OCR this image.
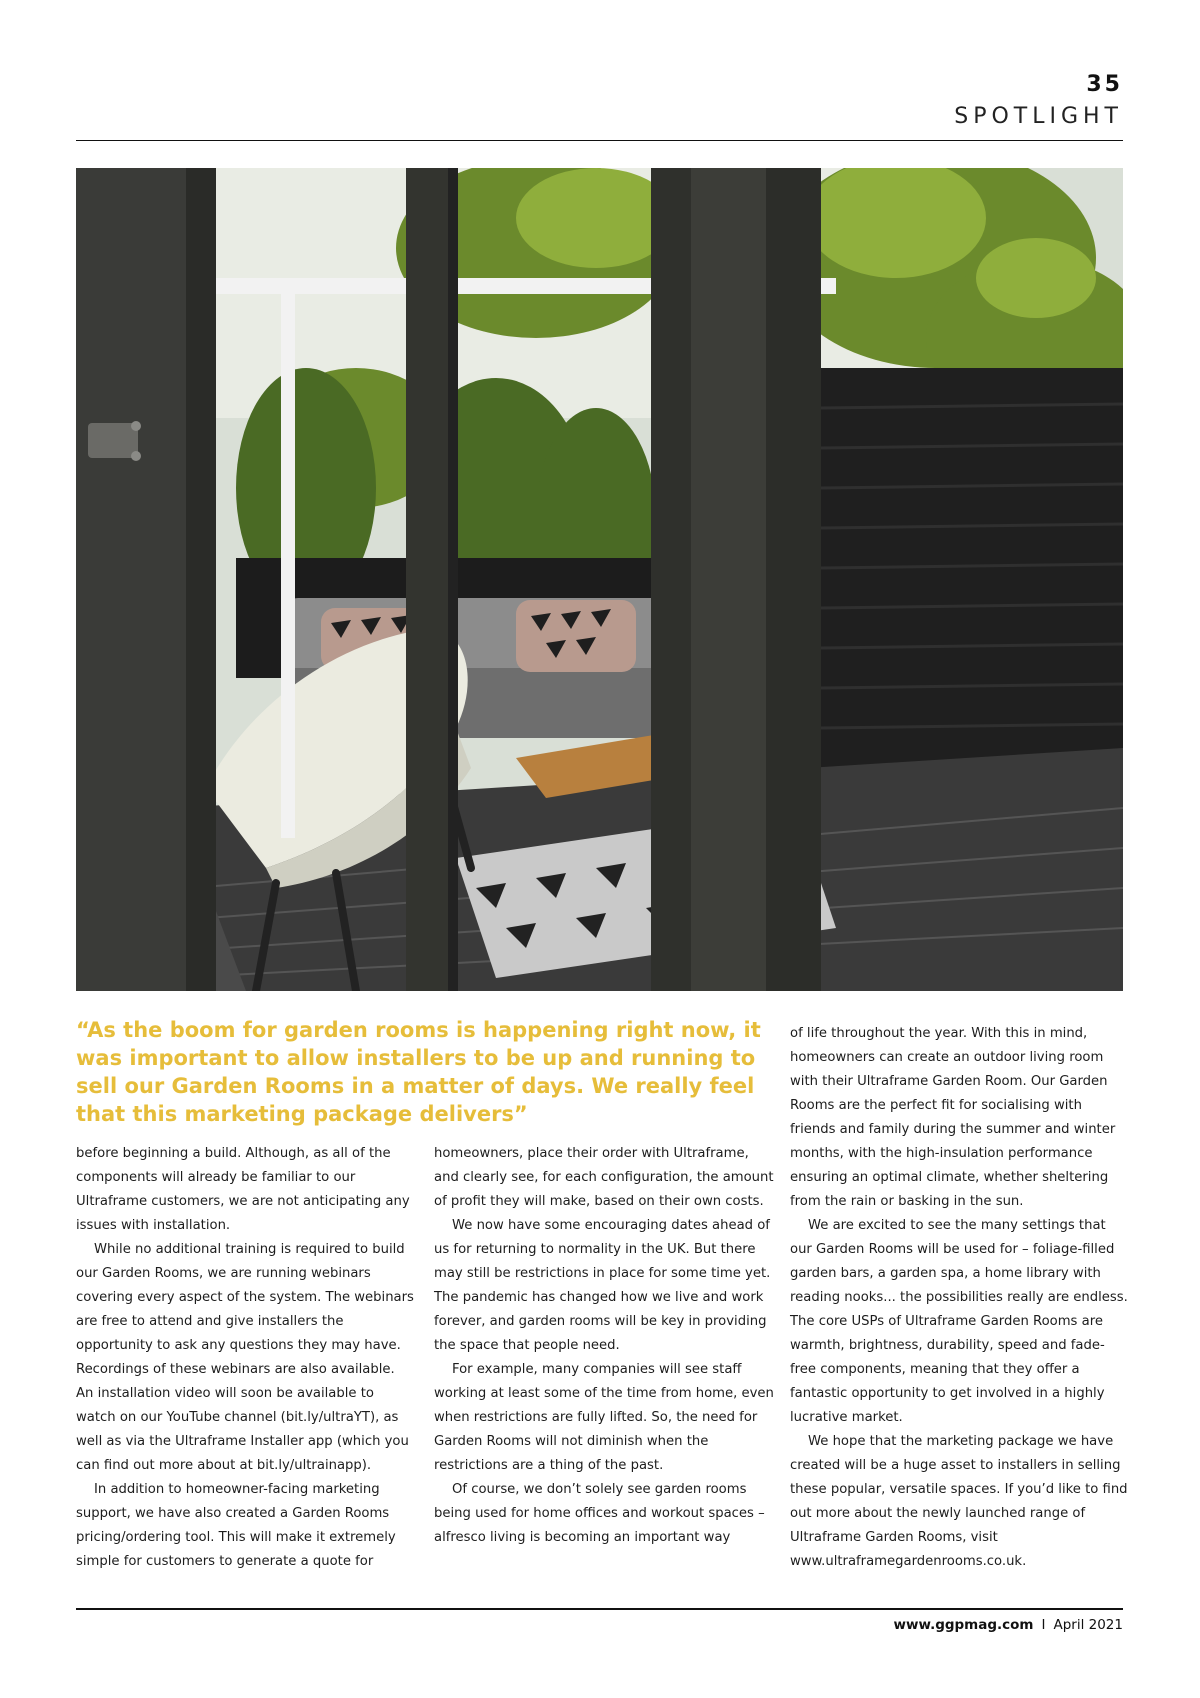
35
SPOTLIGHT

“As the boom for garden rooms is happening right now, it was important to allow installers to be up and running to sell our Garden Rooms in a matter of days. We really feel that this marketing package delivers”

before beginning a build. Although, as all of the components will already be familiar to our Ultraframe customers, we are not anticipating any issues with installation.

While no additional training is required to build our Garden Rooms, we are running webinars covering every aspect of the system. The webinars are free to attend and give installers the opportunity to ask any questions they may have. Recordings of these webinars are also available. An installation video will soon be available to watch on our YouTube channel (bit.ly/ultraYT), as well as via the Ultraframe Installer app (which you can find out more about at bit.ly/ultrainapp).

In addition to homeowner-facing marketing support, we have also created a Garden Rooms pricing/ordering tool. This will make it extremely simple for customers to generate a quote for

homeowners, place their order with Ultraframe, and clearly see, for each configuration, the amount of profit they will make, based on their own costs.

We now have some encouraging dates ahead of us for returning to normality in the UK. But there may still be restrictions in place for some time yet. The pandemic has changed how we live and work forever, and garden rooms will be key in providing the space that people need.

For example, many companies will see staff working at least some of the time from home, even when restrictions are fully lifted. So, the need for Garden Rooms will not diminish when the restrictions are a thing of the past.

Of course, we don’t solely see garden rooms being used for home offices and workout spaces – alfresco living is becoming an important way

of life throughout the year. With this in mind, homeowners can create an outdoor living room with their Ultraframe Garden Room. Our Garden Rooms are the perfect fit for socialising with friends and family during the summer and winter months, with the high-insulation performance ensuring an optimal climate, whether sheltering from the rain or basking in the sun.

We are excited to see the many settings that our Garden Rooms will be used for – foliage-filled garden bars, a garden spa, a home library with reading nooks... the possibilities really are endless. The core USPs of Ultraframe Garden Rooms are warmth, brightness, durability, speed and fade-free components, meaning that they offer a fantastic opportunity to get involved in a highly lucrative market.

We hope that the marketing package we have created will be a huge asset to installers in selling these popular, versatile spaces. If you’d like to find out more about the newly launched range of Ultraframe Garden Rooms, visit www.ultraframegardenrooms.co.uk.

www.ggpmag.com I April 2021
